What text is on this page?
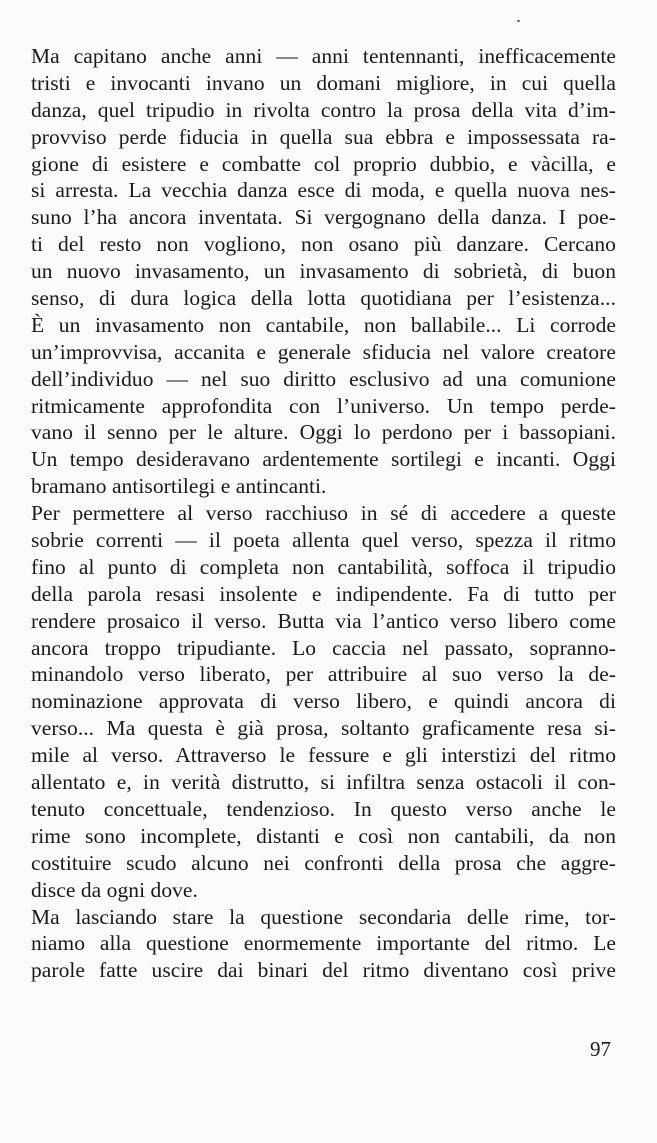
Ma capitano anche anni — anni tentennanti, inefficacemente
tristi e invocanti invano un domani migliore, in cui quella
danza, quel tripudio in rivolta contro la prosa della vita d’im-
provviso perde fiducia in quella sua ebbra e impossessata ra-
gione di esistere e combatte col proprio dubbio, e vàcilla, e
si arresta. La vecchia danza esce di moda, e quella nuova nes-
suno l’ha ancora inventata. Si vergognano della danza. I poe-
ti del resto non vogliono, non osano più danzare. Cercano
un nuovo invasamento, un invasamento di sobrietà, di buon
senso, di dura logica della lotta quotidiana per l’esistenza...
È un invasamento non cantabile, non ballabile... Li corrode
un’improvvisa, accanita e generale sfiducia nel valore creatore
dell’individuo — nel suo diritto esclusivo ad una comunione
ritmicamente approfondita con l’universo. Un tempo perde-
vano il senno per le alture. Oggi lo perdono per i bassopiani.
Un tempo desideravano ardentemente sortilegi e incanti. Oggi
bramano antisortilegi e antincanti.
Per permettere al verso racchiuso in sé di accedere a queste
sobrie correnti — il poeta allenta quel verso, spezza il ritmo
fino al punto di completa non cantabilità, soffoca il tripudio
della parola resasi insolente e indipendente. Fa di tutto per
rendere prosaico il verso. Butta via l’antico verso libero come
ancora troppo tripudiante. Lo caccia nel passato, sopranno-
minandolo verso liberato, per attribuire al suo verso la de-
nominazione approvata di verso libero, e quindi ancora di
verso... Ma questa è già prosa, soltanto graficamente resa si-
mile al verso. Attraverso le fessure e gli interstizi del ritmo
allentato e, in verità distrutto, si infiltra senza ostacoli il con-
tenuto concettuale, tendenzioso. In questo verso anche le
rime sono incomplete, distanti e così non cantabili, da non
costituire scudo alcuno nei confronti della prosa che aggre-
disce da ogni dove.
Ma lasciando stare la questione secondaria delle rime, tor-
niamo alla questione enormemente importante del ritmo. Le
parole fatte uscire dai binari del ritmo diventano così prive
97
